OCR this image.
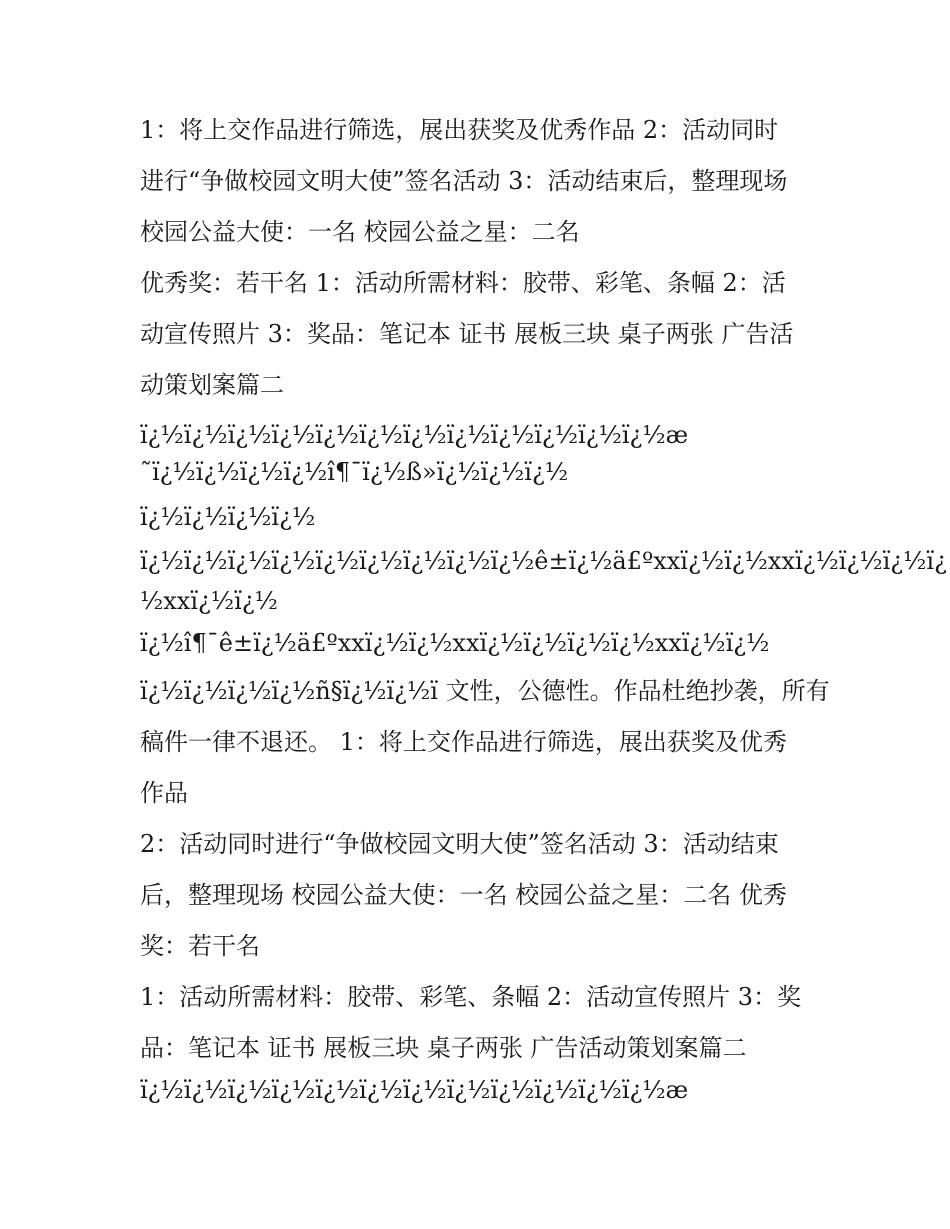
1：将上交作品进行筛选，展出获奖及优秀作品 2：活动同时
进行“争做校园文明大使”签名活动 3：活动结束后，整理现场
校园公益大使：一名 校园公益之星：二名
优秀奖：若干名 1：活动所需材料：胶带、彩笔、条幅 2：活
动宣传照片 3：奖品：笔记本 证书 展板三块 桌子两张 广告活
动策划案篇二
ï¿½ï¿½ï¿½ï¿½ï¿½ï¿½ï¿½ï¿½ï¿½ï¿½ï¿½ï¿½æ
˜ï¿½ï¿½ï¿½ï¿½î¶¯ï¿½ß»ï¿½ï¿½ï¿½
ï¿½ï¿½ï¿½ï¿½
ï¿½ï¿½ï¿½ï¿½ï¿½ï¿½ï¿½ï¿½ï¿½ê±ï¿½ä£ºxxï¿½ï¿½xxï¿½ï¿½ï¿½ï¿
½xxï¿½ï¿½
ï¿½î¶¯ê±ï¿½ä£ºxxï¿½ï¿½xxï¿½ï¿½ï¿½ï¿½xxï¿½ï¿½
ï¿½ï¿½ï¿½ï¿½ñ§ï¿½ï¿½ï 文性，公德性。作品杜绝抄袭，所有
稿件一律不退还。 1：将上交作品进行筛选，展出获奖及优秀
作品
2：活动同时进行“争做校园文明大使”签名活动 3：活动结束
后，整理现场 校园公益大使：一名 校园公益之星：二名 优秀
奖：若干名
1：活动所需材料：胶带、彩笔、条幅 2：活动宣传照片 3：奖
品：笔记本 证书 展板三块 桌子两张 广告活动策划案篇二
ï¿½ï¿½ï¿½ï¿½ï¿½ï¿½ï¿½ï¿½ï¿½ï¿½ï¿½ï¿½æ
